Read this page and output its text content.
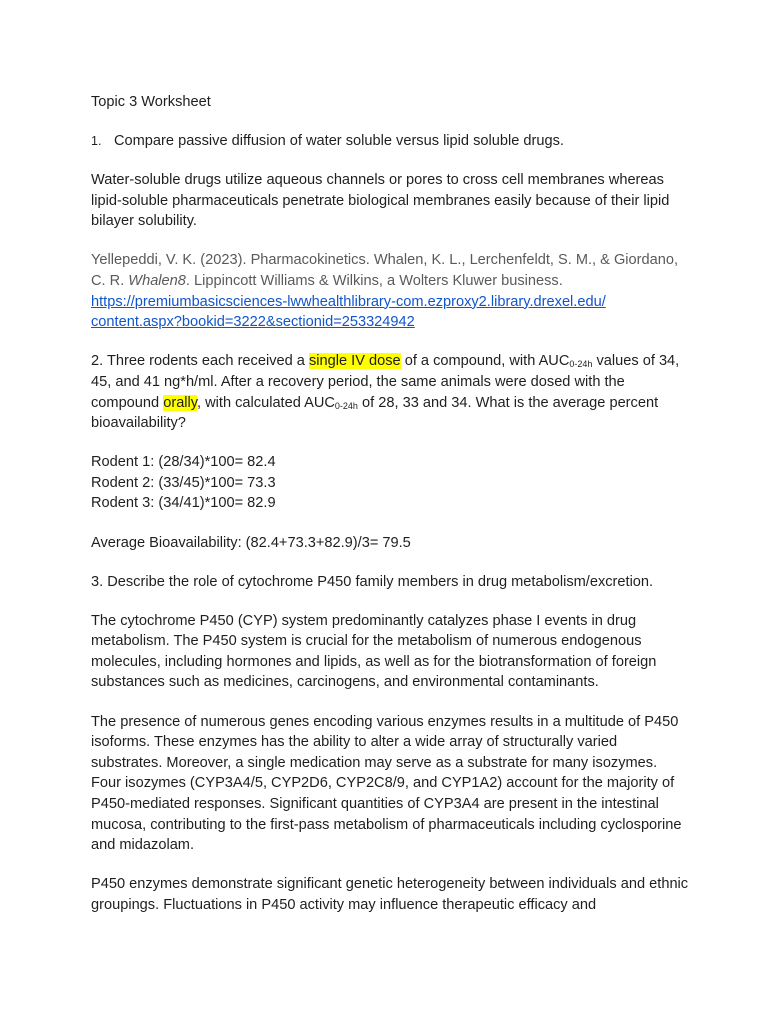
Topic 3 Worksheet

1. Compare passive diffusion of water soluble versus lipid soluble drugs.

Water-soluble drugs utilize aqueous channels or pores to cross cell membranes whereas lipid-soluble pharmaceuticals penetrate biological membranes easily because of their lipid bilayer solubility.

Yellepeddi, V. K. (2023). Pharmacokinetics. Whalen, K. L., Lerchenfeldt, S. M., & Giordano, C. R. Whalen8. Lippincott Williams & Wilkins, a Wolters Kluwer business.
https://premiumbasicsciences-lwwhealthlibrary-com.ezproxy2.library.drexel.edu/
content.aspx?bookid=3222&sectionid=253324942

2. Three rodents each received a single IV dose of a compound, with $AUC_{0-24h}$ values of 34, 45, and 41 ng*h/ml. After a recovery period, the same animals were dosed with the compound orally, with calculated $AUC_{0-24h}$ of 28, 33 and 34. What is the average percent bioavailability?

Rodent 1: (28/34)*100= 82.4

Rodent 2: (33/45)*100= 73.3

Rodent 3: (34/41)*100= 82.9

Average Bioavailability: (82.4+73.3+82.9)/3= 79.5

3. Describe the role of cytochrome P450 family members in drug metabolism/excretion.

The cytochrome P450 (CYP) system predominantly catalyzes phase I events in drug metabolism. The P450 system is crucial for the metabolism of numerous endogenous molecules, including hormones and lipids, as well as for the biotransformation of foreign substances such as medicines, carcinogens, and environmental contaminants.

The presence of numerous genes encoding various enzymes results in a multitude of P450 isoforms. These enzymes has the ability to alter a wide array of structurally varied substrates. Moreover, a single medication may serve as a substrate for many isozymes. Four isozymes (CYP3A4/5, CYP2D6, CYP2C8/9, and CYP1A2) account for the majority of P450-mediated responses. Significant quantities of CYP3A4 are present in the intestinal mucosa, contributing to the first-pass metabolism of pharmaceuticals including cyclosporine and midazolam.

P450 enzymes demonstrate significant genetic heterogeneity between individuals and ethnic groupings. Fluctuations in P450 activity may influence therapeutic efficacy and
